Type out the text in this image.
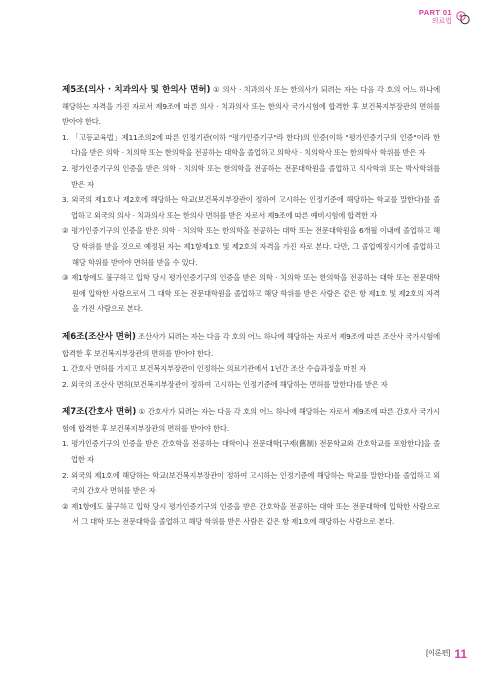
PART 01
의료법

제5조(의사 · 치과의사 및 한의사 면허) ① 의사 · 치과의사 또는 한의사가 되려는 자는 다음 각 호의 어느 하나에 해당하는 자격을 가진 자로서 제9조에 따른 의사 · 치과의사 또는 한의사 국가시험에 합격한 후 보건복지부장관의 면허를 받아야 한다.

1. 「고등교육법」제11조의2에 따른 인정기관(이하 "평가인증기구"라 한다)의 인증(이하 "평가인증기구의 인증"이라 한다)을 받은 의학 · 치의학 또는 한의학을 전공하는 대학을 졸업하고 의학사 · 치의학사 또는 한의학사 학위를 받은 자

2. 평가인증기구의 인증을 받은 의학 · 치의학 또는 한의학을 전공하는 전문대학원을 졸업하고 석사학위 또는 박사학위를 받은 자

3. 외국의 제1호나 제2호에 해당하는 학교(보건복지부장관이 정하여 고시하는 인정기준에 해당하는 학교를 말한다)를 졸업하고 외국의 의사 · 치과의사 또는 한의사 면허를 받은 자로서 제9조에 따른 예비시험에 합격한 자

② 평가인증기구의 인증을 받은 의학 · 치의학 또는 한의학을 전공하는 대학 또는 전문대학원을 6개월 이내에 졸업하고 해당 학위를 받을 것으로 예정된 자는 제1항제1호 및 제2호의 자격을 가진 자로 본다. 다만, 그 졸업예정시기에 졸업하고 해당 학위를 받아야 면허를 받을 수 있다.

③ 제1항에도 불구하고 입학 당시 평가인증기구의 인증을 받은 의학 · 치의학 또는 한의학을 전공하는 대학 또는 전문대학원에 입학한 사람으로서 그 대학 또는 전문대학원을 졸업하고 해당 학위를 받은 사람은 같은 항 제1호 및 제2호의 자격을 가진 사람으로 본다.

제6조(조산사 면허) 조산사가 되려는 자는 다음 각 호의 어느 하나에 해당하는 자로서 제9조에 따른 조산사 국가시험에 합격한 후 보건복지부장관의 면허를 받아야 한다.

1. 간호사 면허를 가지고 보건복지부장관이 인정하는 의료기관에서 1년간 조산 수습과정을 마친 자

2. 외국의 조산사 면허(보건복지부장관이 정하여 고시하는 인정기준에 해당하는 면허를 말한다)를 받은 자

제7조(간호사 면허) ① 간호사가 되려는 자는 다음 각 호의 어느 하나에 해당하는 자로서 제9조에 따른 간호사 국가시험에 합격한 후 보건복지부장관의 면허를 받아야 한다.

1. 평가인증기구의 인증을 받은 간호학을 전공하는 대학이나 전문대학[구제(舊制) 전문학교와 간호학교를 포함한다]을 졸업한 자

2. 외국의 제1호에 해당하는 학교(보건복지부장관이 정하여 고시하는 인정기준에 해당하는 학교를 말한다)를 졸업하고 외국의 간호사 면허를 받은 자

② 제1항에도 불구하고 입학 당시 평가인증기구의 인증을 받은 간호학을 전공하는 대학 또는 전문대학에 입학한 사람으로서 그 대학 또는 전문대학을 졸업하고 해당 학위를 받은 사람은 같은 항 제1호에 해당하는 사람으로 본다.

[이론편] 11
